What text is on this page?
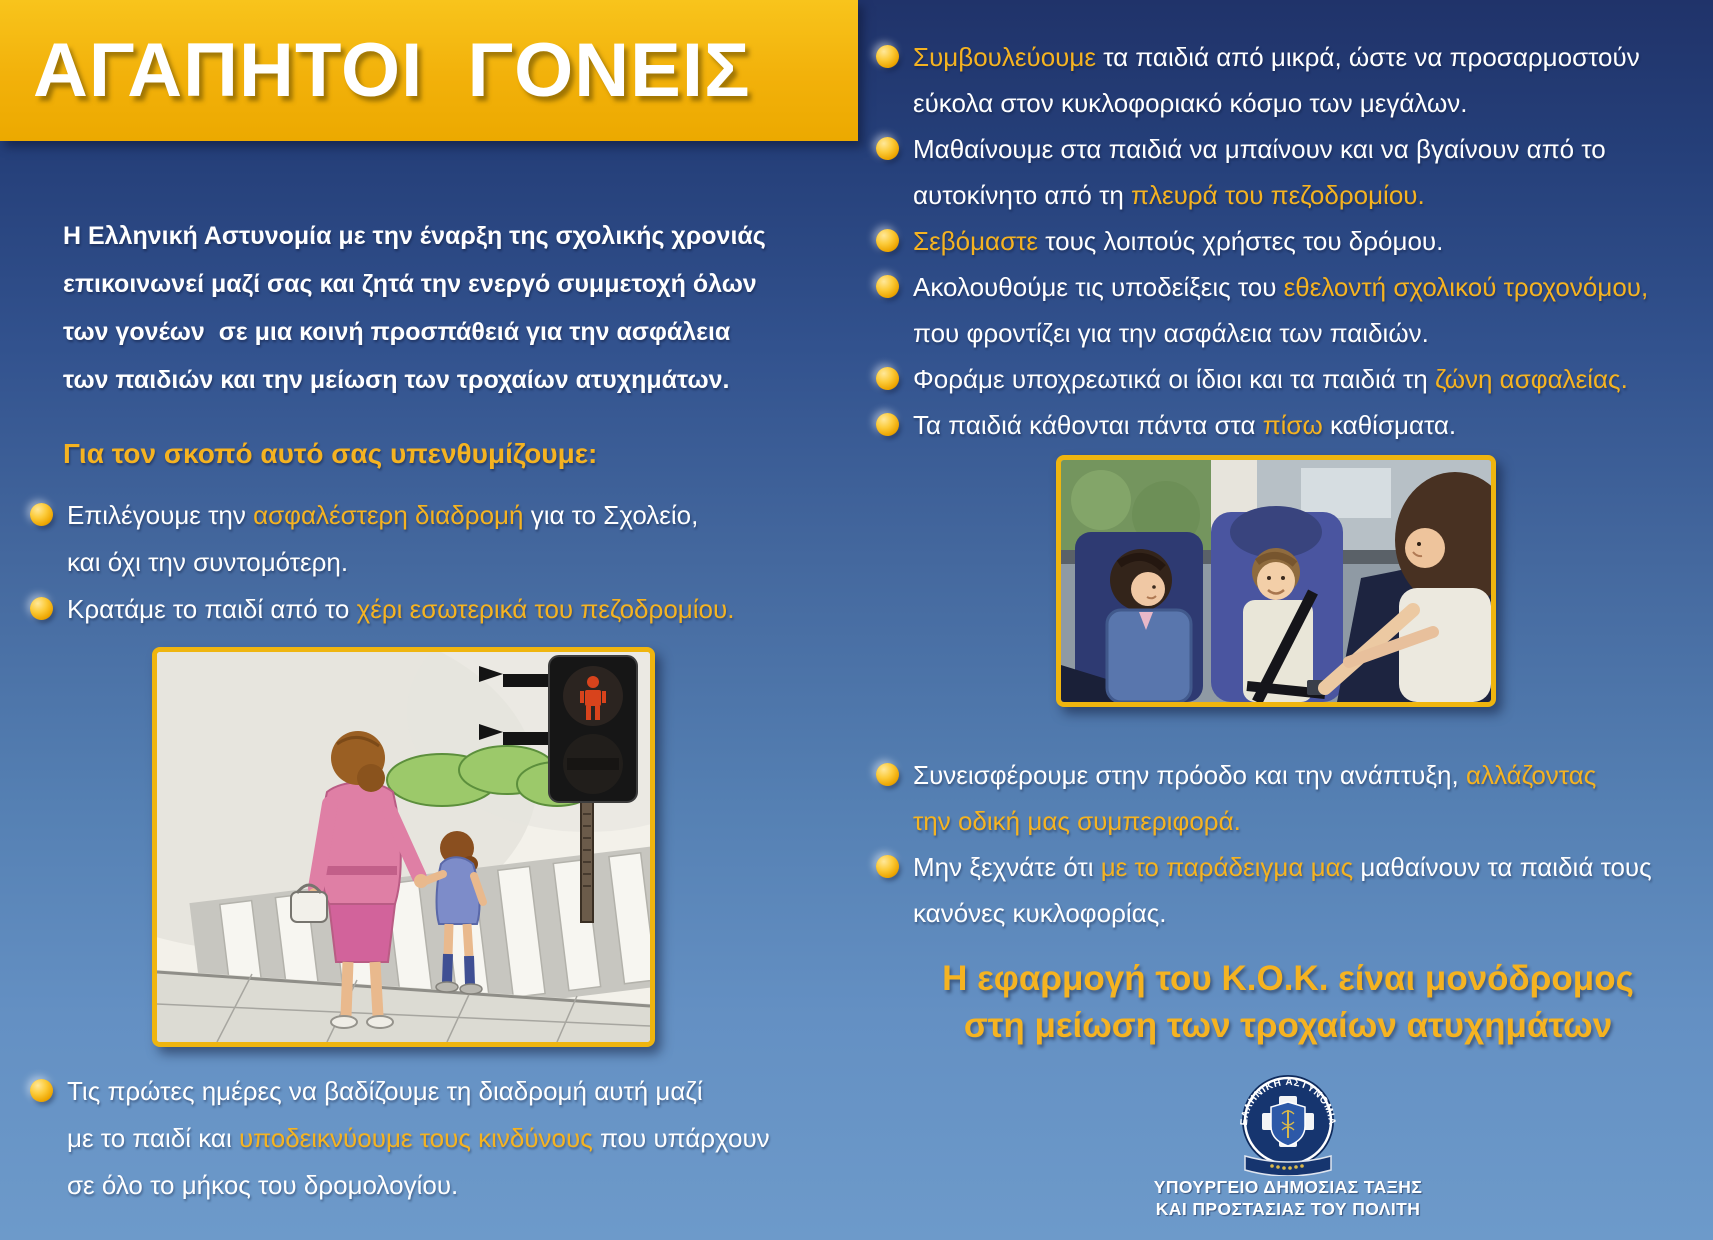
ΑΓΑΠΗΤΟΙ  ΓΟΝΕΙΣ
Η Ελληνική Αστυνομία με την έναρξη της σχολικής χρονιάς
επικοινωνεί μαζί σας και ζητά την ενεργό συμμετοχή όλων
των γονέων  σε μια κοινή προσπάθειά για την ασφάλεια
των παιδιών και την μείωση των τροχαίων ατυχημάτων.
Για τον σκοπό αυτό σας υπενθυμίζουμε:
Επιλέγουμε την ασφαλέστερη διαδρομή για το Σχολείο,
και όχι την συντομότερη.
Κρατάμε το παιδί από το χέρι εσωτερικά του πεζοδρομίου.
Τις πρώτες ημέρες να βαδίζουμε τη διαδρομή αυτή μαζί
με το παιδί και υποδεικνύουμε τους κινδύνους που υπάρχουν
σε όλο το μήκος του δρομολογίου.
Συμβουλεύουμε τα παιδιά από μικρά, ώστε να προσαρμοστούν
εύκολα στον κυκλοφοριακό κόσμο των μεγάλων.
Μαθαίνουμε στα παιδιά να μπαίνουν και να βγαίνουν από το
αυτοκίνητο από τη πλευρά του πεζοδρομίου.
Σεβόμαστε τους λοιπούς χρήστες του δρόμου.
Ακολουθούμε τις υποδείξεις του εθελοντή σχολικού τροχονόμου,
που φροντίζει για την ασφάλεια των παιδιών.
Φοράμε υποχρεωτικά οι ίδιοι και τα παιδιά τη ζώνη ασφαλείας.
Τα παιδιά κάθονται πάντα στα πίσω καθίσματα.
Συνεισφέρουμε στην πρόοδο και την ανάπτυξη, αλλάζοντας
την οδική μας συμπεριφορά.
Μην ξεχνάτε ότι με το παράδειγμα μας μαθαίνουν τα παιδιά τους
κανόνες κυκλοφορίας.
Η εφαρμογή του Κ.Ο.Κ. είναι μονόδρομος
στη μείωση των τροχαίων ατυχημάτων
ΕΛΛΗΝΙΚΗ ΑΣΤΥΝΟΜΙΑ
ΥΠΟΥΡΓΕΙΟ ΔΗΜΟΣΙΑΣ ΤΑΞΗΣ
ΚΑΙ ΠΡΟΣΤΑΣΙΑΣ ΤΟΥ ΠΟΛΙΤΗ
